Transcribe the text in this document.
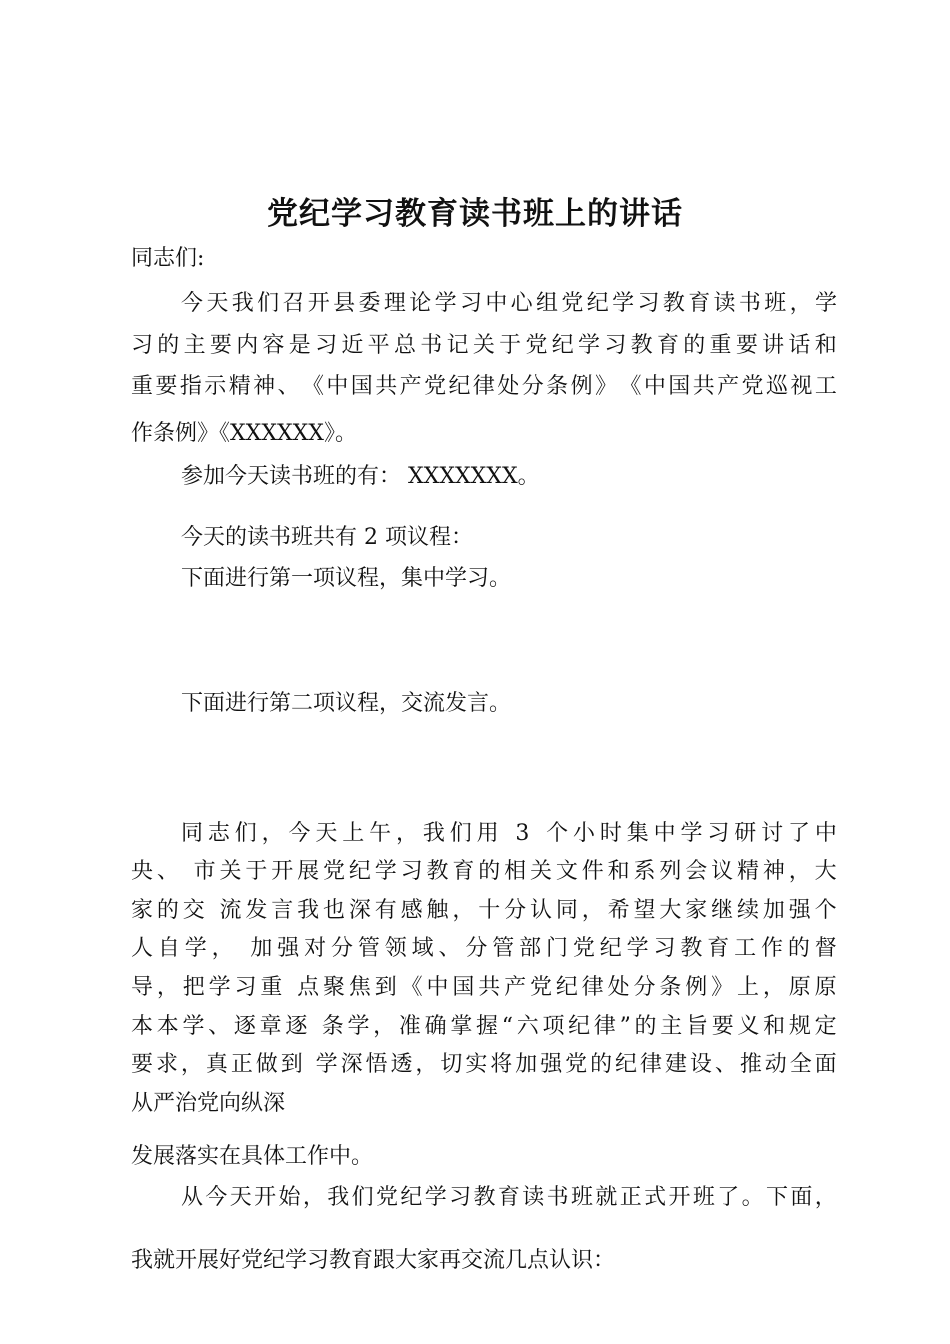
党纪学习教育读书班上的讲话
同志们:
今 天 我 们 召 开 县 委 理 论 学 习 中 心 组 党 纪 学 习 教 育 读 书 班 ， 学
习 的 主 要 内 容 是 习 近 平 总 书 记 关 于 党 纪 学 习 教 育 的 重 要 讲 话 和
重 要 指 示 精 神 、 《 中 国 共 产 党 纪 律 处 分 条 例 》 《 中 国 共 产 党 巡 视 工
作条例》《XXXXXX》。
参加今天读书班的有： XXXXXXX。
今天的读书班共有 2 项议程：
下面进行第一项议程，集中学习。
下面进行第二项议程，交流发言。
同 志 们 ， 今 天 上 午 ， 我 们 用
3
个 小 时 集 中 学 习 研 讨 了 中
央 、
市 关 于 开 展 党 纪 学 习 教 育 的 相 关 文 件 和 系 列 会 议 精 神 ， 大
家 的 交
流 发 言 我 也 深 有 感 触 ， 十 分 认 同 ， 希 望 大 家 继 续 加 强 个
人 自 学 ，
加 强 对 分 管 领 域 、 分 管 部 门 党 纪 学 习 教 育 工 作 的 督
导 ， 把 学 习 重
点 聚 焦 到 《 中 国 共 产 党 纪 律 处 分 条 例 》 上 ， 原 原
本 本 学 、 逐 章 逐
条 学 ， 准 确 掌 握 “ 六 项 纪 律 ” 的 主 旨 要 义 和 规 定
要 求 ， 真 正 做 到
学 深 悟 透 ， 切 实 将 加 强 党 的 纪 律 建 设 、 推 动 全 面
从严治党向纵深
发展落实在具体工作中。
从 今 天 开 始 ， 我 们 党 纪 学 习 教 育 读 书 班 就 正 式 开 班 了 。 下 面 ，
我就开展好党纪学习教育跟大家再交流几点认识：
